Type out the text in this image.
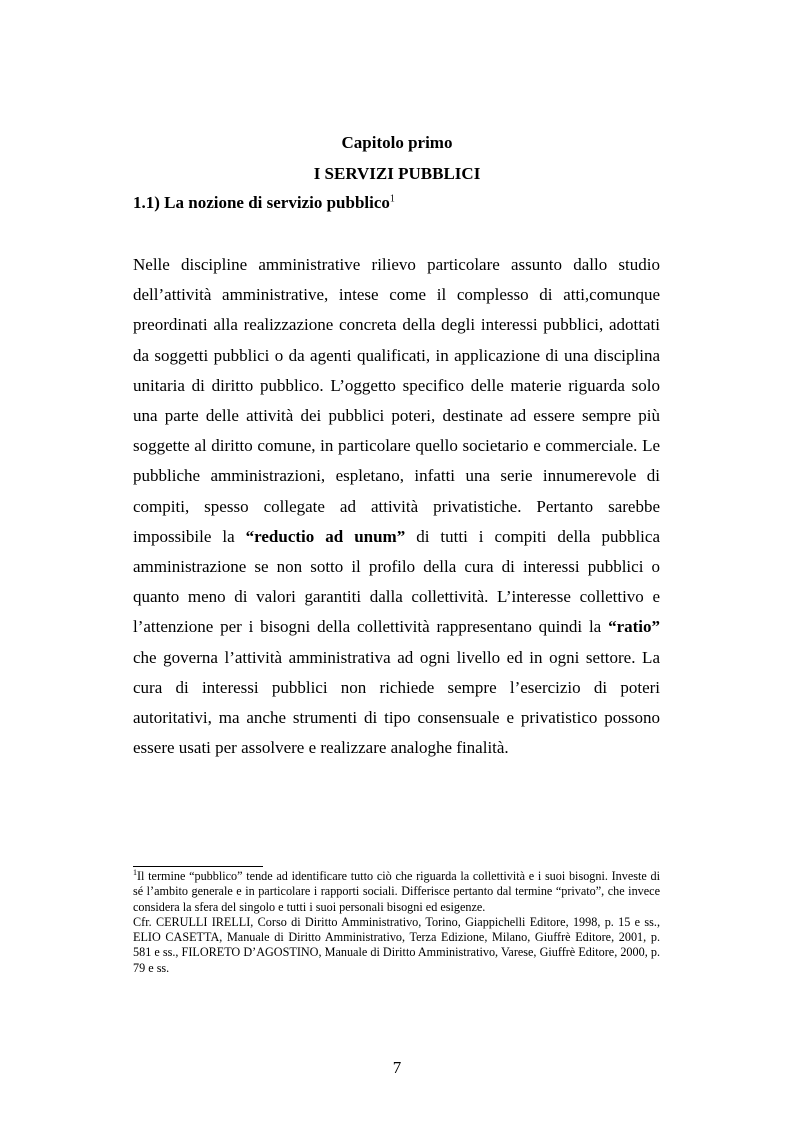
Capitolo primo
I SERVIZI PUBBLICI
1.1) La nozione di servizio pubblico$^1$

Nelle discipline amministrative rilievo particolare assunto dallo studio dell’attività amministrative, intese come il complesso di atti,comunque preordinati alla realizzazione concreta della degli interessi pubblici, adottati da soggetti pubblici o da agenti qualificati, in applicazione di una disciplina unitaria di diritto pubblico. L’oggetto specifico delle materie riguarda solo una parte delle attività dei pubblici poteri, destinate ad essere sempre più soggette al diritto comune, in particolare quello societario e commerciale. Le pubbliche amministrazioni, espletano, infatti una serie innumerevole di compiti, spesso collegate ad attività privatistiche. Pertanto sarebbe impossibile la “reductio ad unum” di tutti i compiti della pubblica amministrazione se non sotto il profilo della cura di interessi pubblici o quanto meno di valori garantiti dalla collettività. L’interesse collettivo e l’attenzione per i bisogni della collettività rappresentano quindi la “ratio” che governa l’attività amministrativa ad ogni livello ed in ogni settore. La cura di interessi pubblici non richiede sempre l’esercizio di poteri autoritativi, ma anche strumenti di tipo consensuale e privatistico possono essere usati per assolvere e realizzare analoghe finalità.

$^1$Il termine “pubblico” tende ad identificare tutto ciò che riguarda la collettività e i suoi bisogni. Investe di sé l’ambito generale e in particolare i rapporti sociali. Differisce pertanto dal termine “privato”, che invece considera la sfera del singolo e tutti i suoi personali bisogni ed esigenze.

Cfr. CERULLI IRELLI, Corso di Diritto Amministrativo, Torino, Giappichelli Editore, 1998, p. 15 e ss., ELIO CASETTA, Manuale di Diritto Amministrativo, Terza Edizione, Milano, Giuffrè Editore, 2001, p. 581 e ss., FILORETO D’AGOSTINO, Manuale di Diritto Amministrativo, Varese, Giuffrè Editore, 2000, p. 79 e ss.

7
